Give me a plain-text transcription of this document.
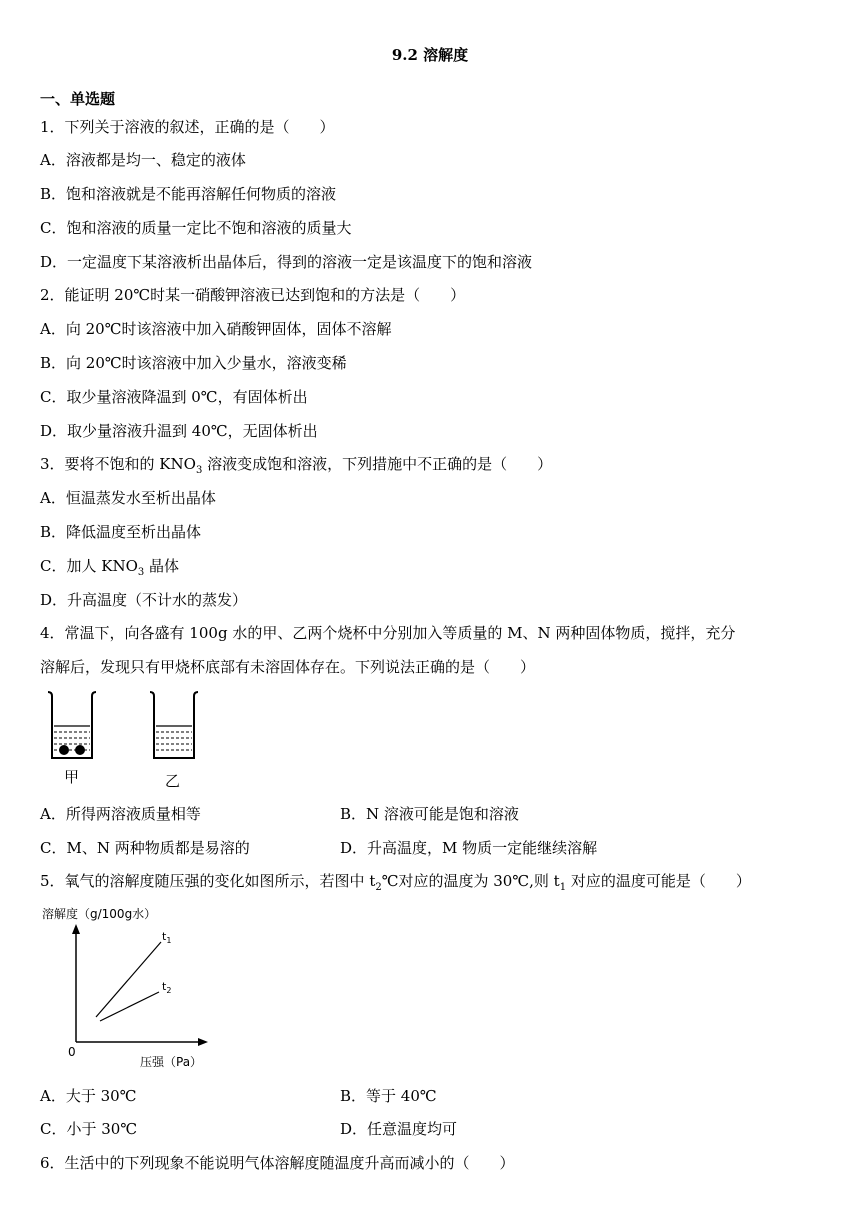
9.2 溶解度
一、单选题
1．下列关于溶液的叙述，正确的是（　　）
A．溶液都是均一、稳定的液体
B．饱和溶液就是不能再溶解任何物质的溶液
C．饱和溶液的质量一定比不饱和溶液的质量大
D．一定温度下某溶液析出晶体后，得到的溶液一定是该温度下的饱和溶液
2．能证明 20℃时某一硝酸钾溶液已达到饱和的方法是（　　）
A．向 20℃时该溶液中加入硝酸钾固体，固体不溶解
B．向 20℃时该溶液中加入少量水，溶液变稀
C．取少量溶液降温到 0℃，有固体析出
D．取少量溶液升温到 40℃，无固体析出
3．要将不饱和的 $KNO_3$ 溶液变成饱和溶液，下列措施中不正确的是（　　）
A．恒温蒸发水至析出晶体
B．降低温度至析出晶体
C．加人 $KNO_3$ 晶体
D．升高温度（不计水的蒸发）
4．常温下，向各盛有 100g 水的甲、乙两个烧杯中分别加入等质量的 M、N 两种固体物质，搅拌，充分
溶解后，发现只有甲烧杯底部有未溶固体存在。下列说法正确的是（　　）
甲	乙
A．所得两溶液质量相等	B．N 溶液可能是饱和溶液
C．M、N 两种物质都是易溶的	D．升高温度，M 物质一定能继续溶解
5．氧气的溶解度随压强的变化如图所示，若图中 $t_2℃$对应的温度为 30℃,则 $t_1$ 对应的温度可能是（　　）
溶解度（g/100g水）
0
$t_1$
$t_2$
压强（Pa）
A．大于 30℃	B．等于 40℃
C．小于 30℃	D．任意温度均可
6．生活中的下列现象不能说明气体溶解度随温度升高而减小的（　　）
